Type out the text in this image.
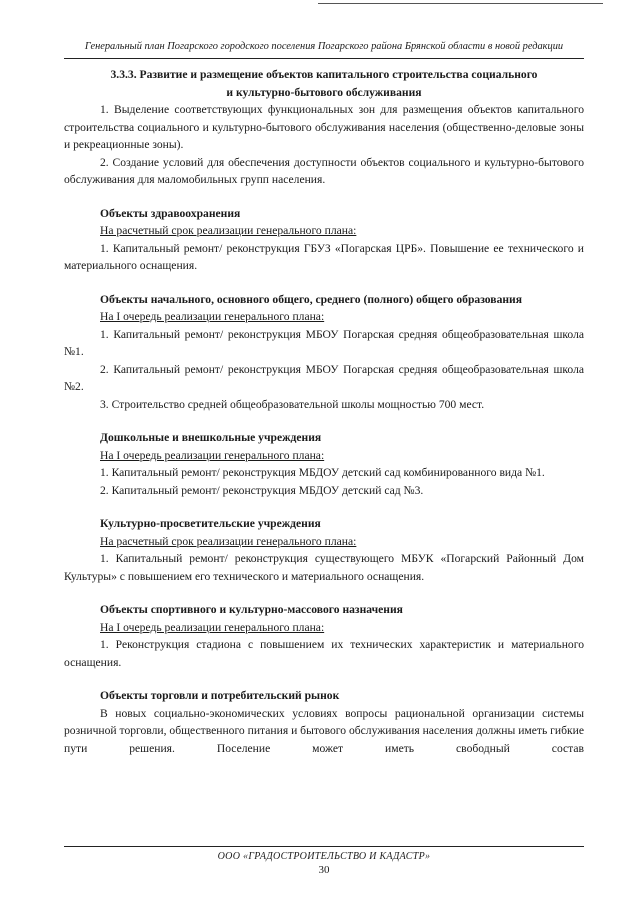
Генеральный план Погарского городского поселения Погарского района Брянской области в новой редакции

3.3.3. Развитие и размещение объектов капитального строительства социального

и культурно-бытового обслуживания

1. Выделение соответствующих функциональных зон для размещения объектов капитального строительства социального и культурно-бытового обслуживания населения (общественно-деловые зоны и рекреационные зоны).

2. Создание условий для обеспечения доступности объектов социального и культурно-бытового обслуживания для маломобильных групп населения.

Объекты здравоохранения

На расчетный срок реализации генерального плана:

1. Капитальный ремонт/ реконструкция ГБУЗ «Погарская ЦРБ». Повышение ее технического и материального оснащения.

Объекты начального, основного общего, среднего (полного) общего образования

На I очередь реализации генерального плана:

1. Капитальный ремонт/ реконструкция МБОУ Погарская средняя общеобразовательная школа №1.

2. Капитальный ремонт/ реконструкция МБОУ Погарская средняя общеобразовательная школа №2.

3. Строительство средней общеобразовательной школы мощностью 700 мест.

Дошкольные и внешкольные учреждения

На I очередь реализации генерального плана:

1. Капитальный ремонт/ реконструкция МБДОУ детский сад комбинированного вида №1.

2. Капитальный ремонт/ реконструкция МБДОУ детский сад №3.

Культурно-просветительские учреждения

На расчетный срок реализации генерального плана:

1. Капитальный ремонт/ реконструкция существующего МБУК «Погарский Районный Дом Культуры» с повышением его технического и материального оснащения.

Объекты спортивного и культурно-массового назначения

На I очередь реализации генерального плана:

1. Реконструкция стадиона с повышением их технических характеристик и материального оснащения.

Объекты торговли и потребительский рынок

В новых социально-экономических условиях вопросы рациональной организации системы розничной торговли, общественного питания и бытового обслуживания населения должны иметь гибкие пути решения. Поселение может иметь свободный состав

ООО «ГРАДОСТРОИТЕЛЬСТВО И КАДАСТР»
30
